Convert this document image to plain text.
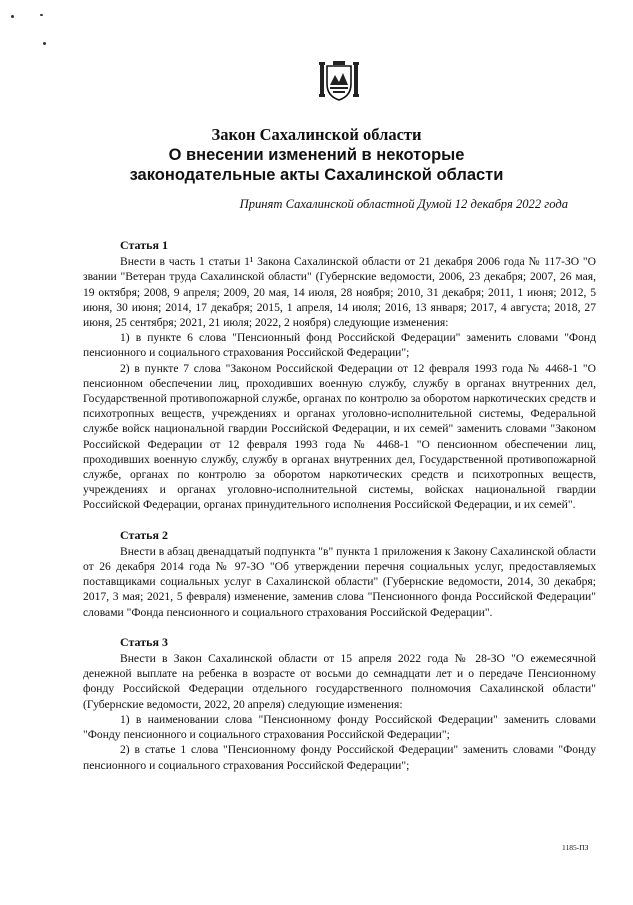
Закон Сахалинской области
О внесении изменений в некоторые
законодательные акты Сахалинской области
Принят Сахалинской областной Думой 12 декабря 2022 года
Статья 1

Внести в часть 1 статьи 1¹ Закона Сахалинской области от 21 декабря 2006 года № 117-ЗО "О звании "Ветеран труда Сахалинской области" (Губернские ведомости, 2006, 23 декабря; 2007, 26 мая, 19 октября; 2008, 9 апреля; 2009, 20 мая, 14 июля, 28 ноября; 2010, 31 декабря; 2011, 1 июня; 2012, 5 июня, 30 июня; 2014, 17 декабря; 2015, 1 апреля, 14 июля; 2016, 13 января; 2017, 4 августа; 2018, 27 июня, 25 сентября; 2021, 21 июля; 2022, 2 ноября) следующие изменения:

1) в пункте 6 слова "Пенсионный фонд Российской Федерации" заменить словами "Фонд пенсионного и социального страхования Российской Федерации";

2) в пункте 7 слова "Законом Российской Федерации от 12 февраля 1993 года № 4468-1 "О пенсионном обеспечении лиц, проходивших военную службу, службу в органах внутренних дел, Государственной противопожарной службе, органах по контролю за оборотом наркотических средств и психотропных веществ, учреждениях и органах уголовно-исполнительной системы, Федеральной службе войск национальной гвардии Российской Федерации, и их семей" заменить словами "Законом Российской Федерации от 12 февраля 1993 года № 4468-1 "О пенсионном обеспечении лиц, проходивших военную службу, службу в органах внутренних дел, Государственной противопожарной службе, органах по контролю за оборотом наркотических средств и психотропных веществ, учреждениях и органах уголовно-исполнительной системы, войсках национальной гвардии Российской Федерации, органах принудительного исполнения Российской Федерации, и их семей".

Статья 2

Внести в абзац двенадцатый подпункта "в" пункта 1 приложения к Закону Сахалинской области от 26 декабря 2014 года № 97-ЗО "Об утверждении перечня социальных услуг, предоставляемых поставщиками социальных услуг в Сахалинской области" (Губернские ведомости, 2014, 30 декабря; 2017, 3 мая; 2021, 5 февраля) изменение, заменив слова "Пенсионного фонда Российской Федерации" словами "Фонда пенсионного и социального страхования Российской Федерации".

Статья 3

Внести в Закон Сахалинской области от 15 апреля 2022 года № 28-ЗО "О ежемесячной денежной выплате на ребенка в возрасте от восьми до семнадцати лет и о передаче Пенсионному фонду Российской Федерации отдельного государственного полномочия Сахалинской области" (Губернские ведомости, 2022, 20 апреля) следующие изменения:

1) в наименовании слова "Пенсионному фонду Российской Федерации" заменить словами "Фонду пенсионного и социального страхования Российской Федерации";

2) в статье 1 слова "Пенсионному фонду Российской Федерации" заменить словами "Фонду пенсионного и социального страхования Российской Федерации";

1185-ПЗ
